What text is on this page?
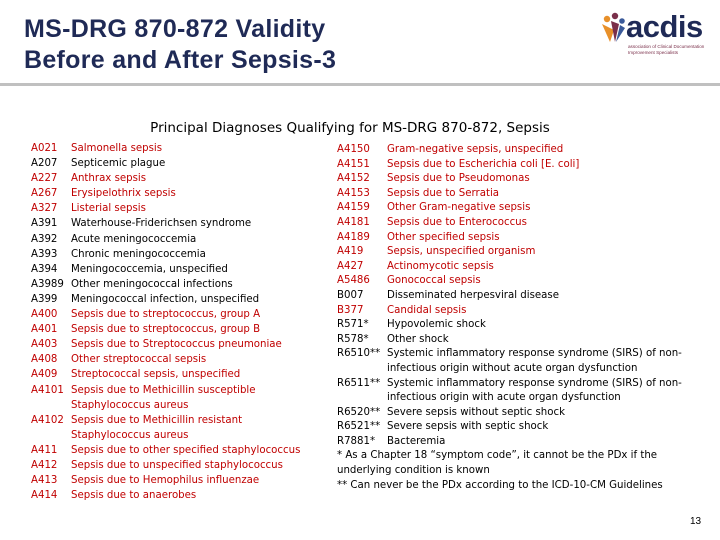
MS-DRG 870-872 Validity
Before and After Sepsis-3
acdis
association of Clinical Documentation Improvement Specialists
Principal Diagnoses Qualifying for MS-DRG 870-872, Sepsis
A021 Salmonella sepsis
A207 Septicemic plague
A227 Anthrax sepsis
A267 Erysipelothrix sepsis
A327 Listerial sepsis
A391 Waterhouse-Friderichsen syndrome
A392 Acute meningococcemia
A393 Chronic meningococcemia
A394 Meningococcemia, unspecified
A3989 Other meningococcal infections
A399 Meningococcal infection, unspecified
A400 Sepsis due to streptococcus, group A
A401 Sepsis due to streptococcus, group B
A403 Sepsis due to Streptococcus pneumoniae
A408 Other streptococcal sepsis
A409 Streptococcal sepsis, unspecified
A4101 Sepsis due to Methicillin susceptible
Staphylococcus aureus
A4102 Sepsis due to Methicillin resistant
Staphylococcus aureus
A411 Sepsis due to other specified staphylococcus
A412 Sepsis due to unspecified staphylococcus
A413 Sepsis due to Hemophilus influenzae
A414 Sepsis due to anaerobes
A4150 Gram-negative sepsis, unspecified
A4151 Sepsis due to Escherichia coli [E. coli]
A4152 Sepsis due to Pseudomonas
A4153 Sepsis due to Serratia
A4159 Other Gram-negative sepsis
A4181 Sepsis due to Enterococcus
A4189 Other specified sepsis
A419 Sepsis, unspecified organism
A427 Actinomycotic sepsis
A5486 Gonococcal sepsis
B007 Disseminated herpesviral disease
B377 Candidal sepsis
R571* Hypovolemic shock
R578* Other shock
R6510** Systemic inflammatory response syndrome (SIRS) of non-
infectious origin without acute organ dysfunction
R6511** Systemic inflammatory response syndrome (SIRS) of non-
infectious origin with acute organ dysfunction
R6520** Severe sepsis without septic shock
R6521** Severe sepsis with septic shock
R7881* Bacteremia
* As a Chapter 18 “symptom code”, it cannot be the PDx if the
underlying condition is known
** Can never be the PDx according to the ICD-10-CM Guidelines
13
